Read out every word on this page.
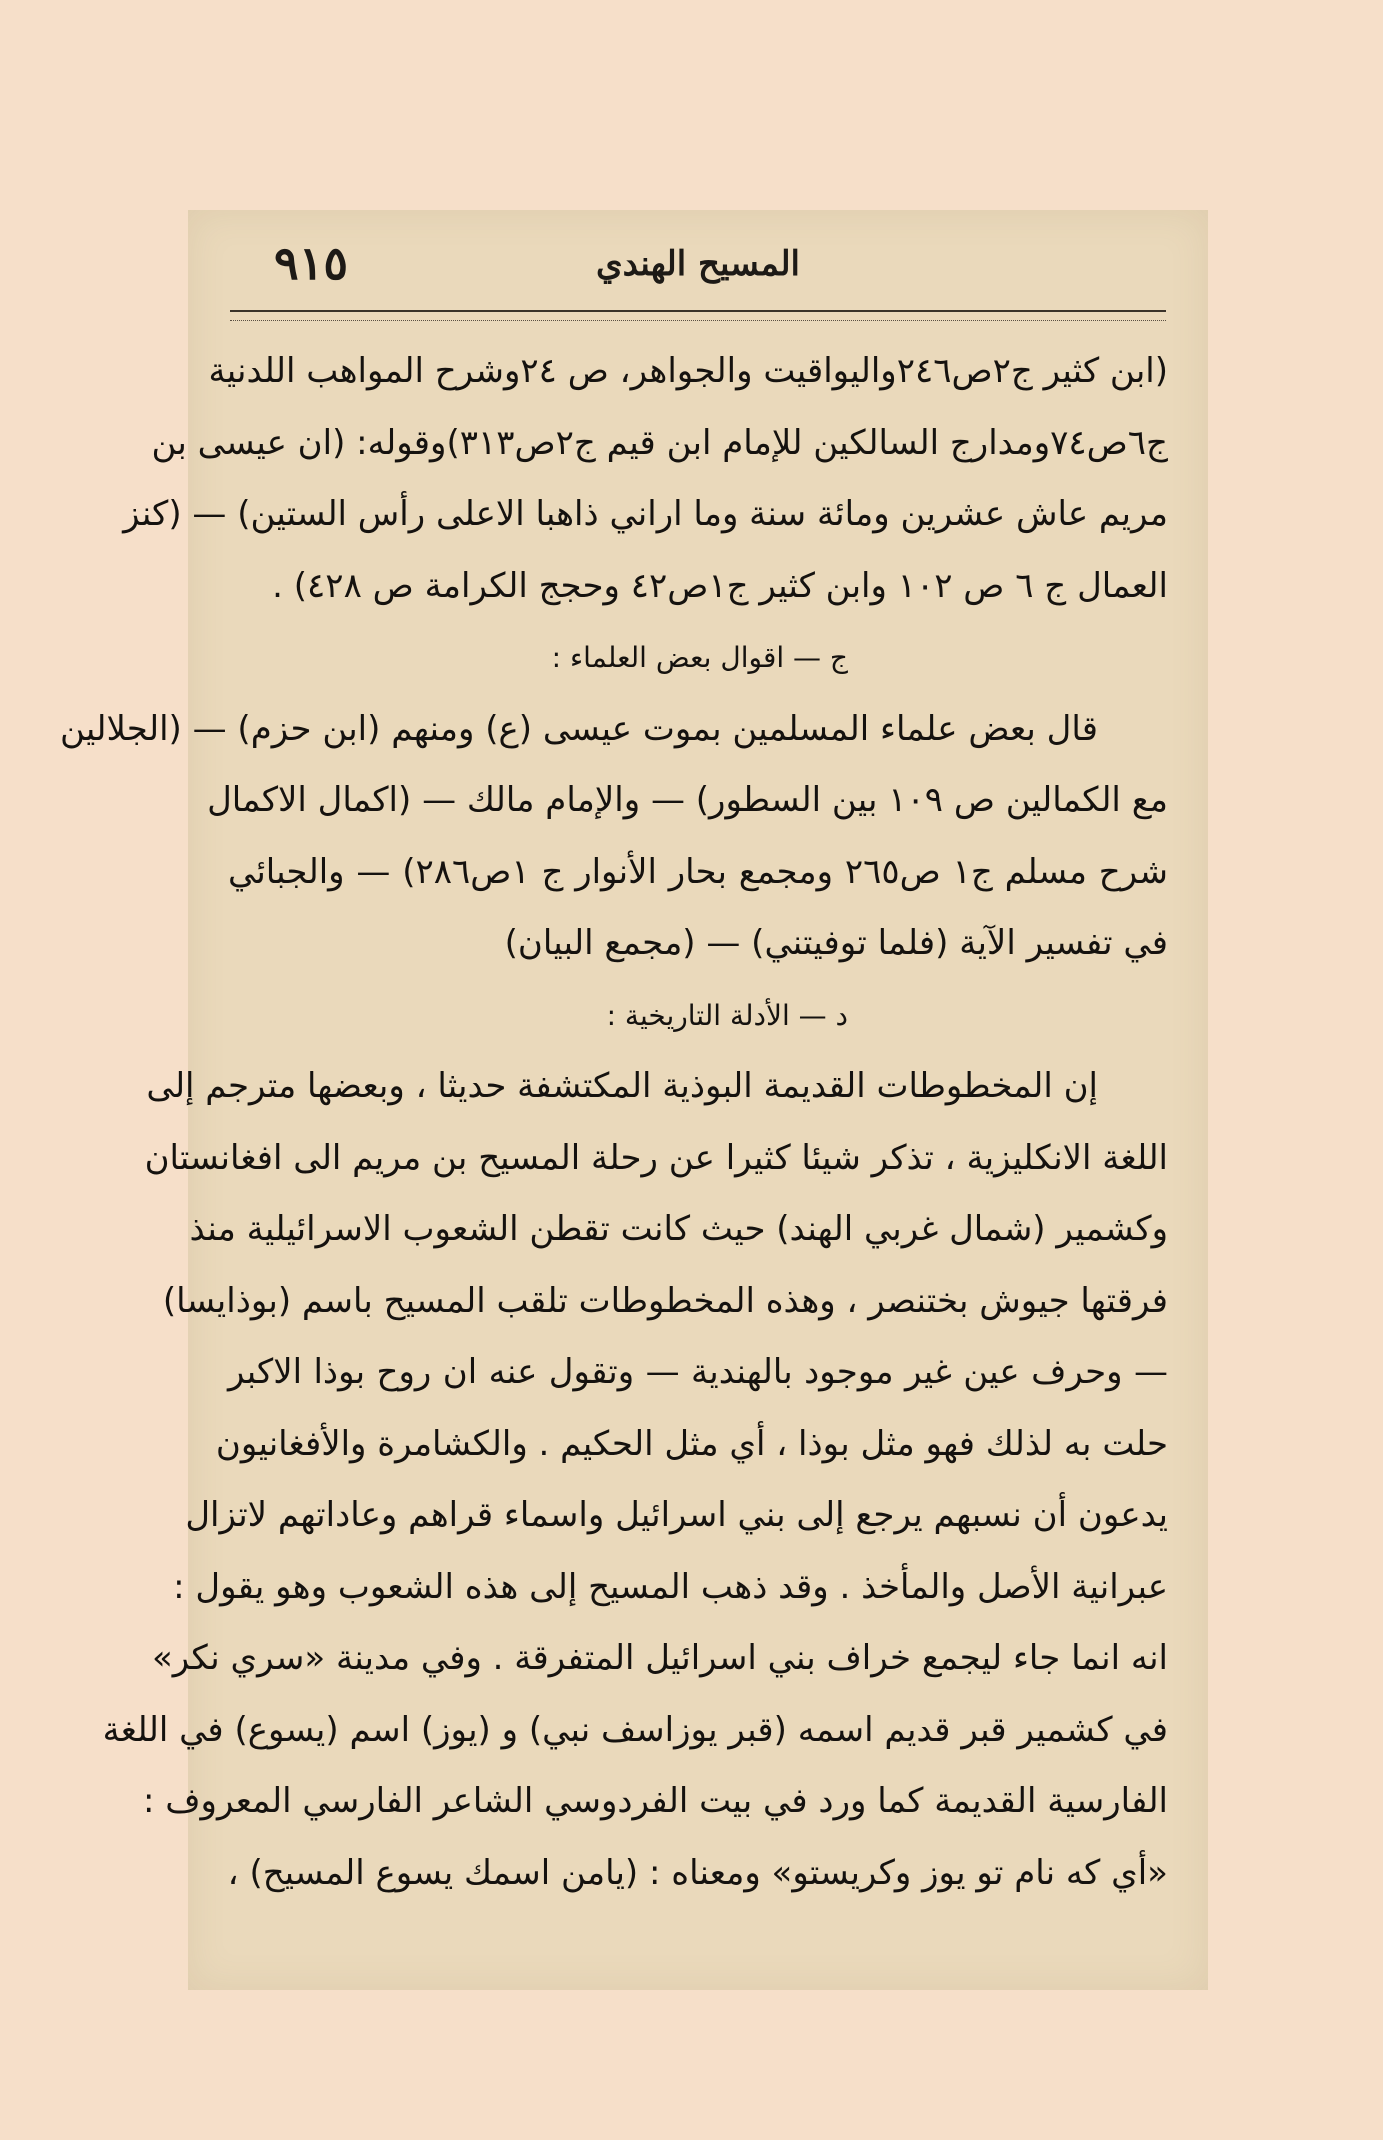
٩١٥	المسيح الهندي
(ابن كثير ج٢ص٢٤٦واليواقيت والجواهر، ص ٢٤وشرح المواهب اللدنية
ج٦ص٧٤ومدارج السالكين للإمام ابن قيم ج٢ص٣١٣)وقوله: (ان عيسى بن
مريم عاش عشرين ومائة سنة وما اراني ذاهبا الاعلى رأس الستين) — (كنز
العمال ج ٦ ص ١٠٢ وابن كثير ج١ص٤٢ وحجج الكرامة ص ٤٢٨) .
ج — اقوال بعض العلماء :
قال بعض علماء المسلمين بموت عيسى (ع) ومنهم (ابن حزم) — (الجلالين
مع الكمالين ص ١٠٩ بين السطور) — والإمام مالك — (اكمال الاكمال
شرح مسلم ج١ ص٢٦٥ ومجمع بحار الأنوار ج ١ص٢٨٦) — والجبائي
في تفسير الآية (فلما توفيتني) — (مجمع البيان)
د — الأدلة التاريخية :
إن المخطوطات القديمة البوذية المكتشفة حديثا ، وبعضها مترجم إلى
اللغة الانكليزية ، تذكر شيئا كثيرا عن رحلة المسيح بن مريم الى افغانستان
وكشمير (شمال غربي الهند) حيث كانت تقطن الشعوب الاسرائيلية منذ
فرقتها جيوش بختنصر ، وهذه المخطوطات تلقب المسيح باسم (بوذايسا)
— وحرف عين غير موجود بالهندية — وتقول عنه ان روح بوذا الاكبر
حلت به لذلك فهو مثل بوذا ، أي مثل الحكيم . والكشامرة والأفغانيون
يدعون أن نسبهم يرجع إلى بني اسرائيل واسماء قراهم وعاداتهم لاتزال
عبرانية الأصل والمأخذ . وقد ذهب المسيح إلى هذه الشعوب وهو يقول :
انه انما جاء ليجمع خراف بني اسرائيل المتفرقة . وفي مدينة «سري نكر»
في كشمير قبر قديم اسمه (قبر يوزاسف نبي) و (يوز) اسم (يسوع) في اللغة
الفارسية القديمة كما ورد في بيت الفردوسي الشاعر الفارسي المعروف :
«أي كه نام تو يوز وكريستو» ومعناه : (يامن اسمك يسوع المسيح) ،
